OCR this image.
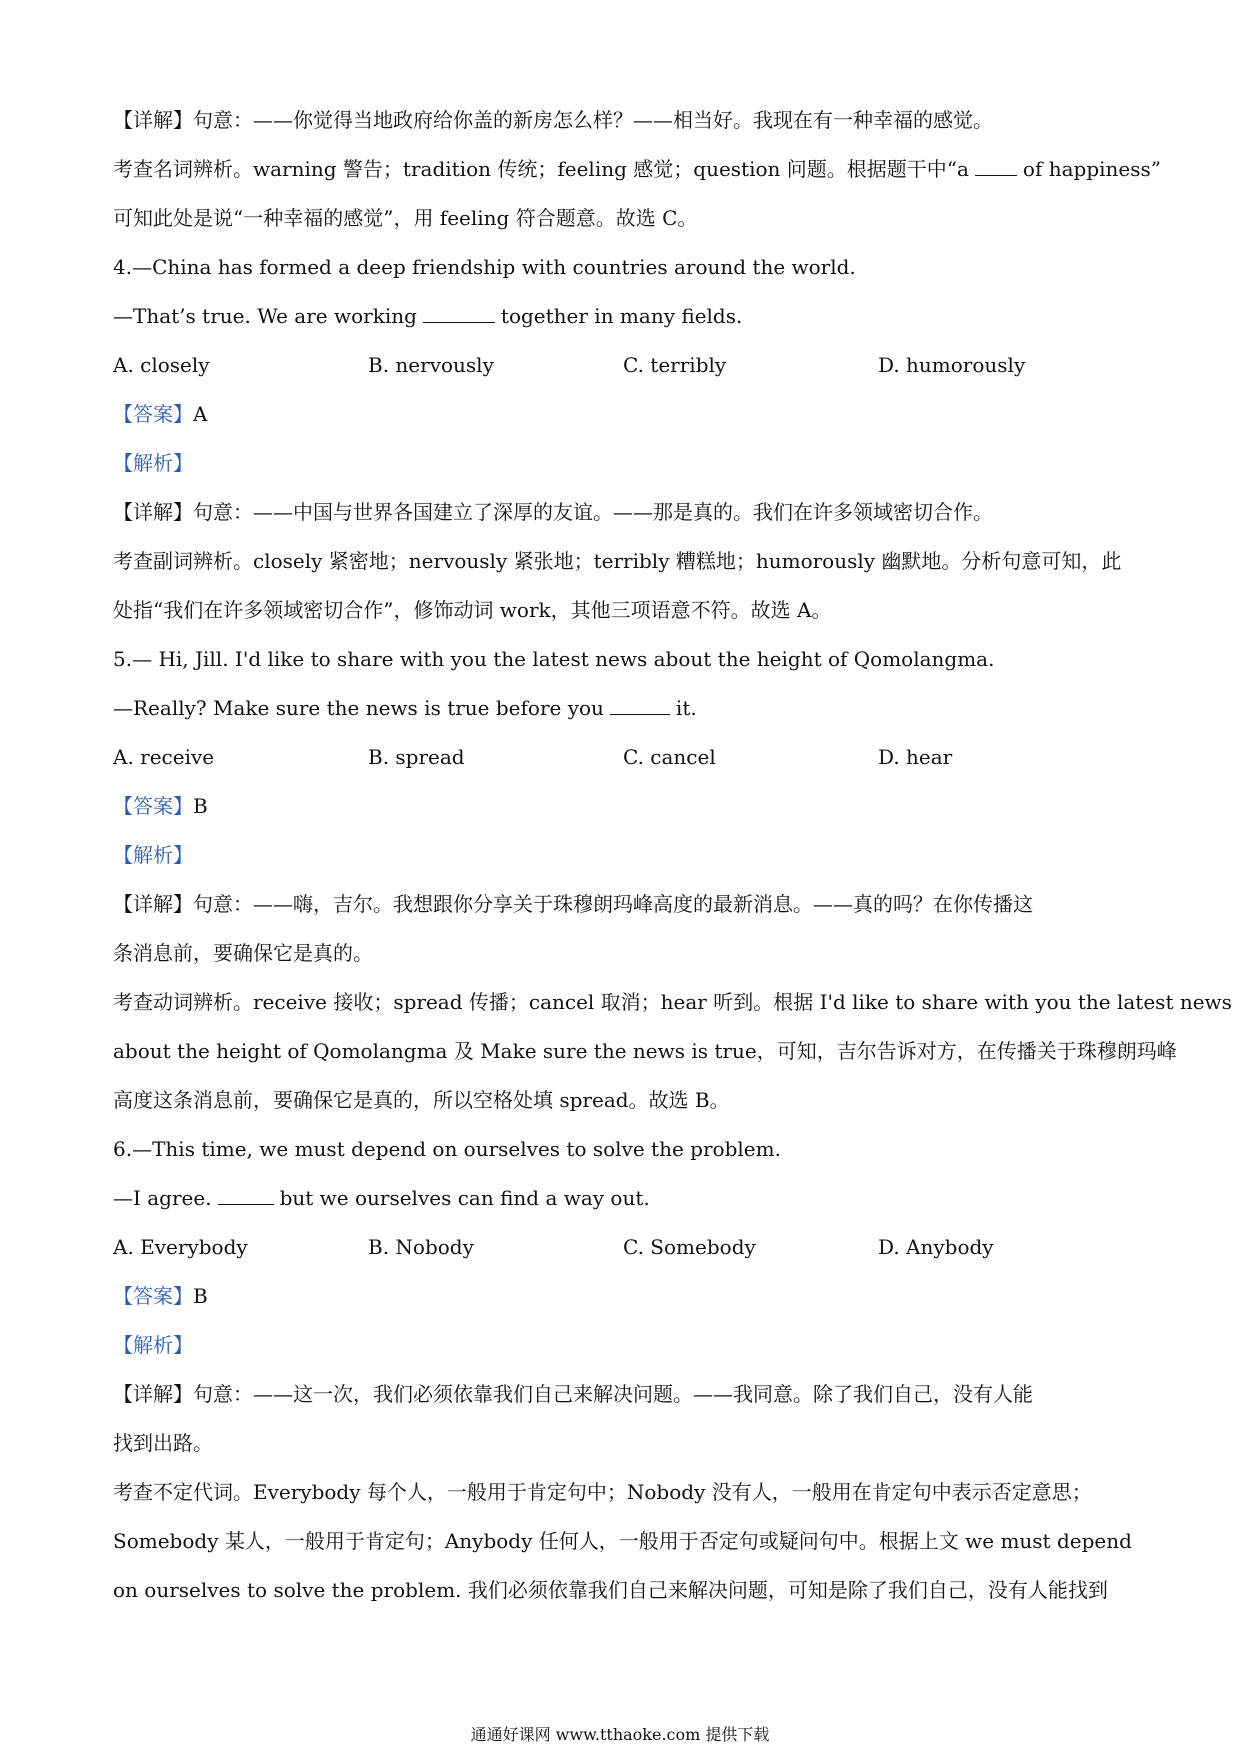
【详解】句意：——你觉得当地政府给你盖的新房怎么样？——相当好。我现在有一种幸福的感觉。
考查名词辨析。warning 警告；tradition 传统；feeling 感觉；question 问题。根据题干中“a	of happiness”
可知此处是说“一种幸福的感觉”，用 feeling 符合题意。故选 C。
4.—China has formed a deep friendship with countries around the world.
—That’s true. We are working	together in many fields.
A. closely	B. nervously	C. terribly	D. humorously
【答案】A
【解析】
【详解】句意：——中国与世界各国建立了深厚的友谊。——那是真的。我们在许多领域密切合作。
考查副词辨析。closely 紧密地；nervously 紧张地；terribly 糟糕地；humorously 幽默地。分析句意可知，此
处指“我们在许多领域密切合作”，修饰动词 work，其他三项语意不符。故选 A。
5.— Hi, Jill. I'd like to share with you the latest news about the height of Qomolangma.
—Really? Make sure the news is true before you	it.
A. receive	B. spread	C. cancel	D. hear
【答案】B
【解析】
【详解】句意：——嗨，吉尔。我想跟你分享关于珠穆朗玛峰高度的最新消息。——真的吗？在你传播这
条消息前，要确保它是真的。
考查动词辨析。receive 接收；spread 传播；cancel 取消；hear 听到。根据 I'd like to share with you the latest news
about the height of Qomolangma 及 Make sure the news is true，可知，吉尔告诉对方，在传播关于珠穆朗玛峰
高度这条消息前，要确保它是真的，所以空格处填 spread。故选 B。
6.—This time, we must depend on ourselves to solve the problem.
—I agree.	but we ourselves can find a way out.
A. Everybody	B. Nobody	C. Somebody	D. Anybody
【答案】B
【解析】
【详解】句意：——这一次，我们必须依靠我们自己来解决问题。——我同意。除了我们自己，没有人能
找到出路。
考查不定代词。Everybody 每个人，一般用于肯定句中；Nobody 没有人，一般用在肯定句中表示否定意思；
Somebody 某人，一般用于肯定句；Anybody 任何人，一般用于否定句或疑问句中。根据上文 we must depend
on ourselves to solve the problem. 我们必须依靠我们自己来解决问题，可知是除了我们自己，没有人能找到
通通好课网 www.tthaoke.com 提供下载
